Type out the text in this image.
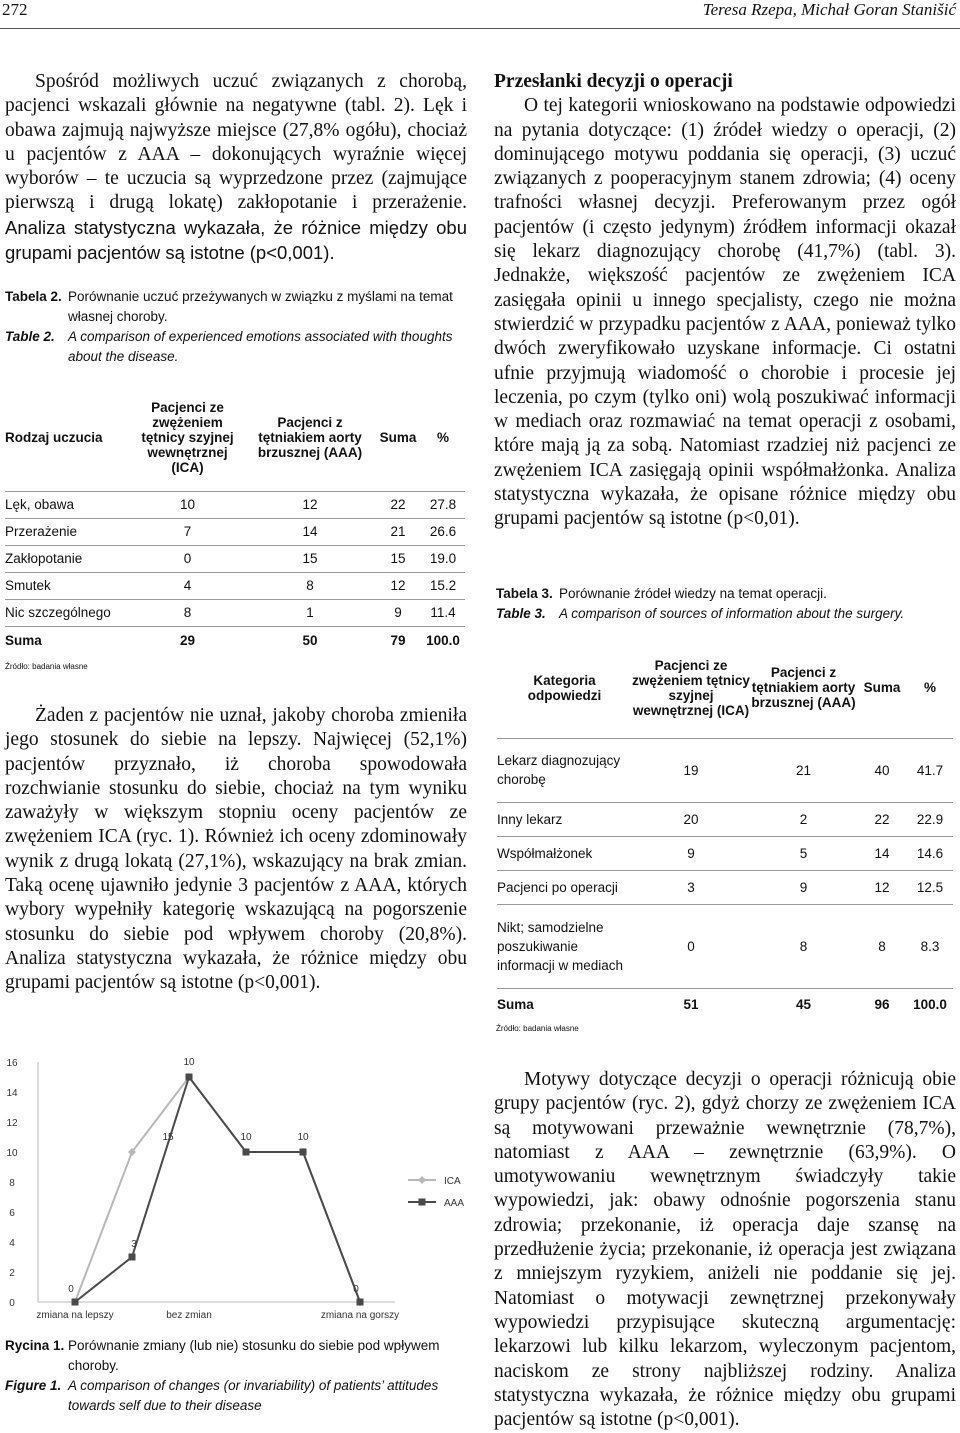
272	Teresa Rzepa, Michał Goran Stanišić

Spośród możliwych uczuć związanych z chorobą, pacjenci wskazali głównie na negatywne (tabl. 2). Lęk i obawa zajmują najwyższe miejsce (27,8% ogółu), chociaż u pacjentów z AAA – dokonujących wyraźnie więcej wyborów – te uczucia są wyprzedzone przez (zajmujące pierwszą i drugą lokatę) zakłopotanie i przerażenie. Analiza statystyczna wykazała, że różnice między obu grupami pacjentów są istotne (p<0,001).

Tabela 2. Porównanie uczuć przeżywanych w związku z myślami na temat własnej choroby.
Table 2. A comparison of experienced emotions associated with thoughts about the disease.
Rodzaj uczucia	Pacjenci ze zwężeniem tętnicy szyjnej wewnętrznej (ICA)	Pacjenci z tętniakiem aorty brzusznej (AAA)	Suma	%
Lęk, obawa	10	12	22	27.8
Przerażenie	7	14	21	26.6
Zakłopotanie	0	15	15	19.0
Smutek	4	8	12	15.2
Nic szczególnego	8	1	9	11.4
Suma	29	50	79	100.0
Źródło: badania własne

Żaden z pacjentów nie uznał, jakoby choroba zmieniła jego stosunek do siebie na lepszy. Najwięcej (52,1%) pacjentów przyznało, iż choroba spowodowała rozchwianie stosunku do siebie, chociaż na tym wyniku zaważyły w większym stopniu oceny pacjentów ze zwężeniem ICA (ryc. 1). Również ich oceny zdominowały wynik z drugą lokatą (27,1%), wskazujący na brak zmian. Taką ocenę ujawniło jedynie 3 pacjentów z AAA, których wybory wypełniły kategorię wskazującą na pogorszenie stosunku do siebie pod wpływem choroby (20,8%). Analiza statystyczna wykazała, że różnice między obu grupami pacjentów są istotne (p<0,001).

0
2
4
6
8
10
12
14
16
zmiana na lepszy	bez zmian	zmiana na gorszy
0
3
10
15	10	10
0
ICA
AAA
Rycina 1. Porównanie zmiany (lub nie) stosunku do siebie pod wpływem choroby.
Figure 1. A comparison of changes (or invariability) of patients’ attitudes towards self due to their disease

Przesłanki decyzji o operacji

O tej kategorii wnioskowano na podstawie odpowiedzi na pytania dotyczące: (1) źródeł wiedzy o operacji, (2) dominującego motywu poddania się operacji, (3) uczuć związanych z pooperacyjnym stanem zdrowia; (4) oceny trafności własnej decyzji. Preferowanym przez ogół pacjentów (i często jedynym) źródłem informacji okazał się lekarz diagnozujący chorobę (41,7%) (tabl. 3). Jednakże, większość pacjentów ze zwężeniem ICA zasięgała opinii u innego specjalisty, czego nie można stwierdzić w przypadku pacjentów z AAA, ponieważ tylko dwóch zweryfikowało uzyskane informacje. Ci ostatni ufnie przyjmują wiadomość o chorobie i procesie jej leczenia, po czym (tylko oni) wolą poszukiwać informacji w mediach oraz rozmawiać na temat operacji z osobami, które mają ją za sobą. Natomiast rzadziej niż pacjenci ze zwężeniem ICA zasięgają opinii współmałżonka. Analiza statystyczna wykazała, że opisane różnice między obu grupami pacjentów są istotne (p<0,01).

Tabela 3. Porównanie źródeł wiedzy na temat operacji.
Table 3. A comparison of sources of information about the surgery.
Kategoria odpowiedzi	Pacjenci ze zwężeniem tętnicy szyjnej wewnętrznej (ICA)	Pacjenci z tętniakiem aorty brzusznej (AAA)	Suma	%
Lekarz diagnozujący chorobę	19	21	40	41.7
Inny lekarz	20	2	22	22.9
Współmałżonek	9	5	14	14.6
Pacjenci po operacji	3	9	12	12.5
Nikt; samodzielne poszukiwanie informacji w mediach	0	8	8	8.3
Suma	51	45	96	100.0
Źródło: badania własne

Motywy dotyczące decyzji o operacji różnicują obie grupy pacjentów (ryc. 2), gdyż chorzy ze zwężeniem ICA są motywowani przeważnie wewnętrznie (78,7%), natomiast z AAA – zewnętrznie (63,9%). O umotywowaniu wewnętrznym świadczyły takie wypowiedzi, jak: obawy odnośnie pogorszenia stanu zdrowia; przekonanie, iż operacja daje szansę na przedłużenie życia; przekonanie, iż operacja jest związana z mniejszym ryzykiem, aniżeli nie poddanie się jej. Natomiast o motywacji zewnętrznej przekonywały wypowiedzi przypisujące skuteczną argumentację: lekarzowi lub kilku lekarzom, wyleczonym pacjentom, naciskom ze strony najbliższej rodziny. Analiza statystyczna wykazała, że różnice między obu grupami pacjentów są istotne (p<0,001).
